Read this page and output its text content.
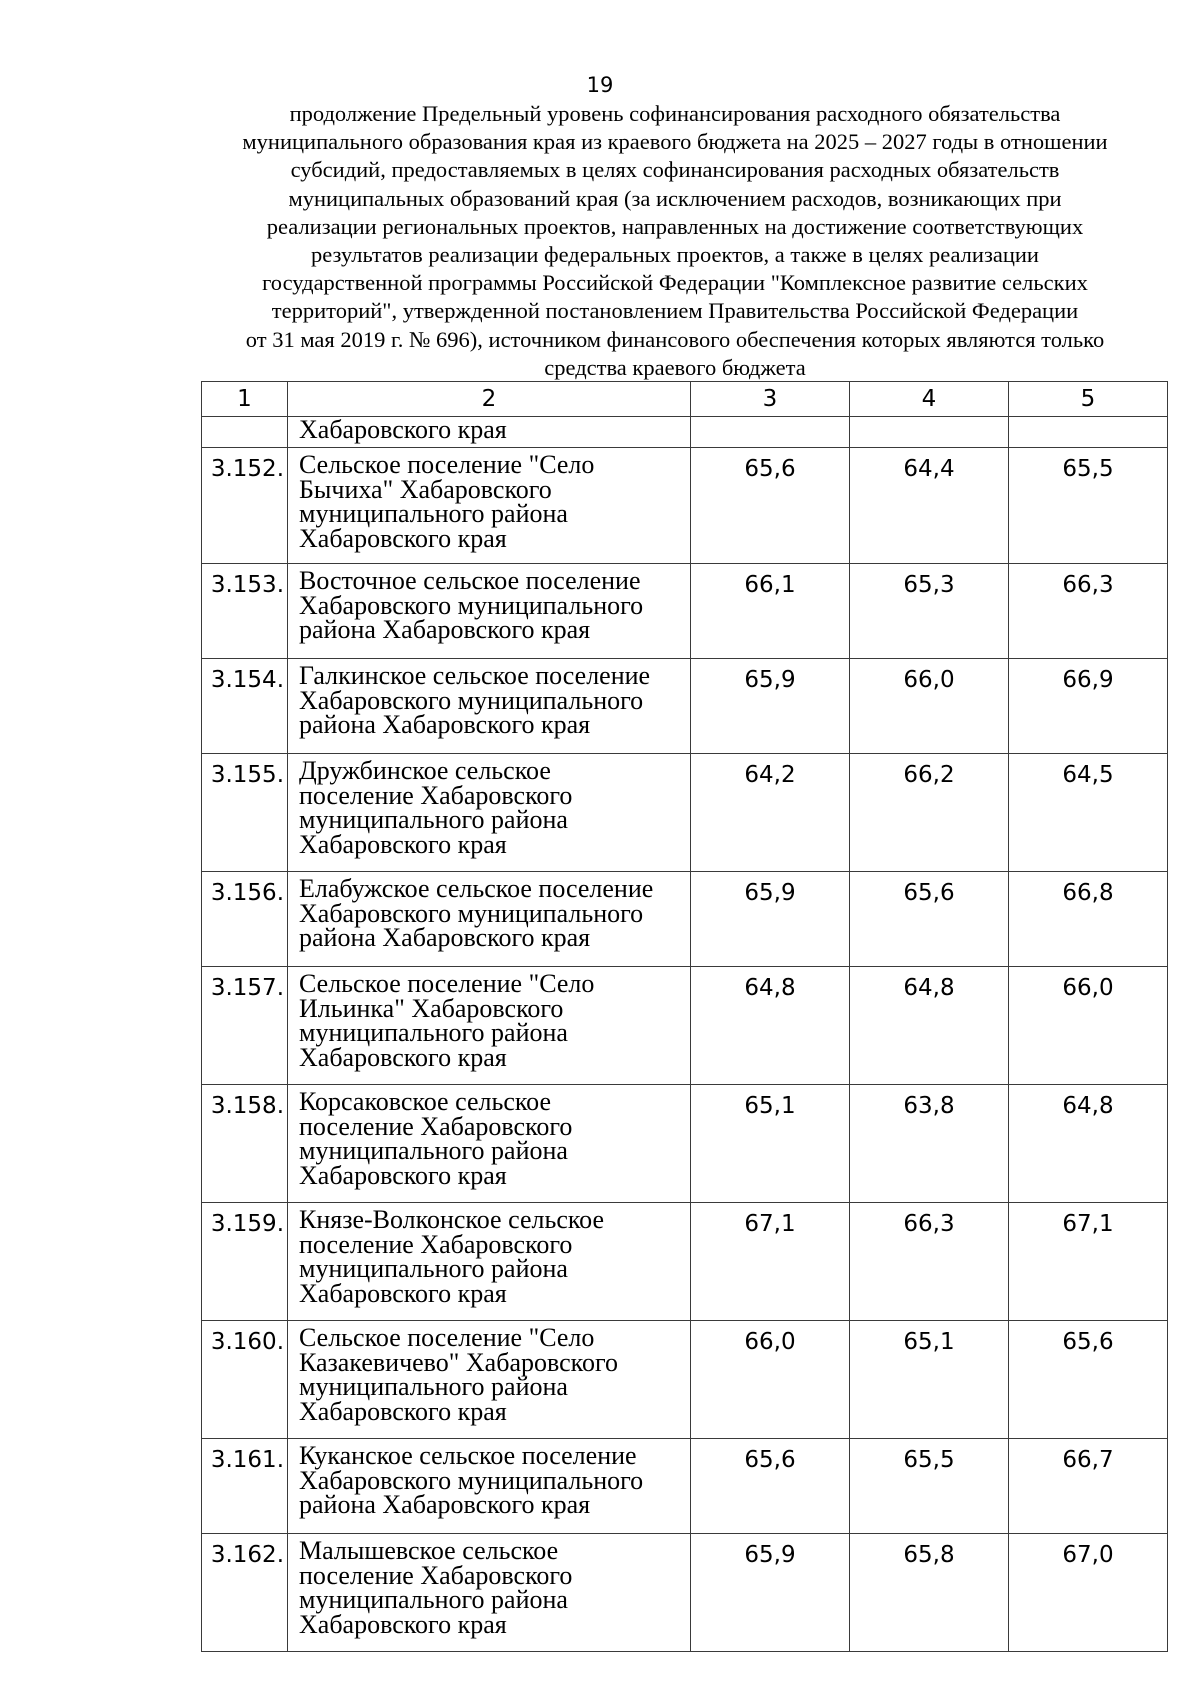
19
продолжение Предельный уровень софинансирования расходного обязательства
муниципального образования края из краевого бюджета на 2025 – 2027 годы в отношении
субсидий, предоставляемых в целях софинансирования расходных обязательств
муниципальных образований края (за исключением расходов, возникающих при
реализации региональных проектов, направленных на достижение соответствующих
результатов реализации федеральных проектов, а также в целях реализации
государственной программы Российской Федерации "Комплексное развитие сельских
территорий", утвержденной постановлением Правительства Российской Федерации
от 31 мая 2019 г. № 696), источником финансового обеспечения которых являются только
средства краевого бюджета
1	2	3	4	5

	Хабаровского края			

3.152.	Сельское поселение "Село
Бычиха" Хабаровского
муниципального района
Хабаровского края	65,6	64,4	65,5
3.153.	Восточное сельское поселение
Хабаровского муниципального
района Хабаровского края	66,1	65,3	66,3
3.154.	Галкинское сельское поселение
Хабаровского муниципального
района Хабаровского края	65,9	66,0	66,9
3.155.	Дружбинское сельское
поселение Хабаровского
муниципального района
Хабаровского края	64,2	66,2	64,5
3.156.	Елабужское сельское поселение
Хабаровского муниципального
района Хабаровского края	65,9	65,6	66,8
3.157.	Сельское поселение "Село
Ильинка" Хабаровского
муниципального района
Хабаровского края	64,8	64,8	66,0
3.158.	Корсаковское сельское
поселение Хабаровского
муниципального района
Хабаровского края	65,1	63,8	64,8
3.159.	Князе-Волконское сельское
поселение Хабаровского
муниципального района
Хабаровского края	67,1	66,3	67,1
3.160.	Сельское поселение "Село
Казакевичево" Хабаровского
муниципального района
Хабаровского края	66,0	65,1	65,6
3.161.	Куканское сельское поселение
Хабаровского муниципального
района Хабаровского края	65,6	65,5	66,7
3.162.	Малышевское сельское
поселение Хабаровского
муниципального района
Хабаровского края	65,9	65,8	67,0
